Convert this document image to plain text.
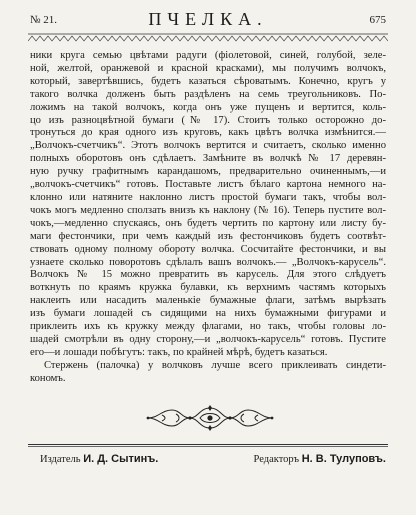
№ 21.	ПЧЕЛКА.	675
ники круга семью цвѣтами радуги (фіолетовой, синей, голубой, зеле-
ной, желтой, оранжевой и красной красками), мы получимъ волчокъ,
который, завертѣвшись, будетъ казаться сѣроватымъ. Конечно, кругъ у
такого волчка долженъ быть раздѣленъ на семь треугольниковъ. По-
ложимъ на такой волчокъ, когда онъ уже пущенъ и вертится, коль-
цо изъ разноцвѣтной бумаги (№ 17). Стоитъ только осторожно до-
тронуться до края одного изъ круговъ, какъ цвѣтъ волчка измѣнится.—
„Волчокъ-счетчикъ“. Этотъ волчокъ вертится и считаетъ, сколько именно
полныхъ оборотовъ онъ сдѣлаетъ. Замѣните въ волчкѣ № 17 деревян-
ную ручку графитнымъ карандашомъ, предварительно очиненнымъ,—и
„волчокъ-счетчикъ“ готовъ. Поставьте листъ бѣлаго картона немного на-
клонно или натяните наклонно листъ простой бумаги такъ, чтобы вол-
чокъ могъ медленно сползать внизъ къ наклону (№ 16). Теперь пустите вол-
чокъ,—медленно спускаясь, онъ будетъ чертить по картону или листу бу-
маги фестончики, при чемъ каждый изъ фестончиковъ будетъ соотвѣт-
ствовать одному полному обороту волчка. Сосчитайте фестончики, и вы
узнаете сколько поворотовъ сдѣлалъ вашъ волчокъ.— „Волчокъ-карусель“.
Волчокъ № 15 можно превратить въ карусель. Для этого слѣдуетъ
воткнуть по краямъ кружка булавки, къ верхнимъ частямъ которыхъ
наклеить или насадить маленькіе бумажные флаги, затѣмъ вырѣзать
изъ бумаги лошадей съ сидящими на нихъ бумажными фигурами и
приклеить ихъ къ кружку между флагами, но такъ, чтобы головы ло-
шадей смотрѣли въ одну сторону,—и „волчокъ-карусель“ готовъ. Пустите
его—и лошади побѣгутъ: такъ, по крайней мѣрѣ, будетъ казаться.
Стержень (палочка) у волчковъ лучше всего приклеивать синдети-
кономъ.
Издатель И. Д. Сытинъ.	Редакторъ Н. В. Тулуповъ.
